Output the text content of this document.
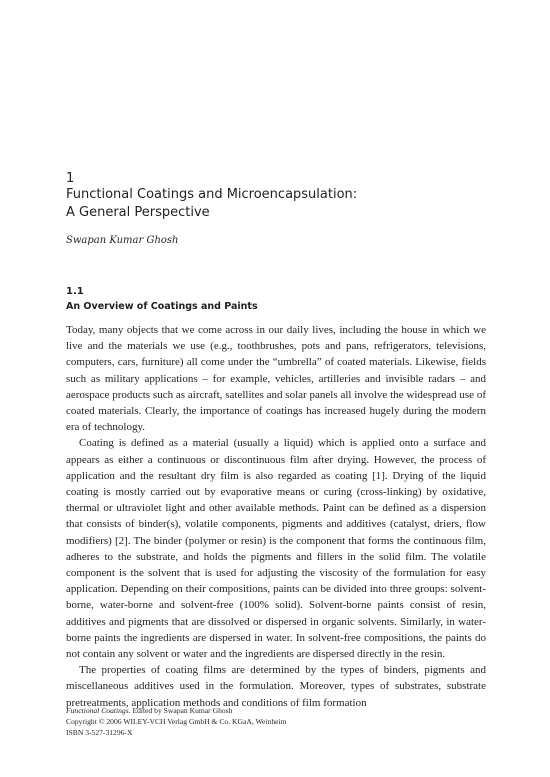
1
Functional Coatings and Microencapsulation:
A General Perspective

Swapan Kumar Ghosh

1.1
An Overview of Coatings and Paints

Today, many objects that we come across in our daily lives, including the house in which we live and the materials we use (e.g., toothbrushes, pots and pans, refrigerators, televisions, computers, cars, furniture) all come under the “umbrella” of coated materials. Likewise, fields such as military applications – for example, vehicles, artilleries and invisible radars – and aerospace products such as aircraft, satellites and solar panels all involve the widespread use of coated materials. Clearly, the importance of coatings has increased hugely during the modern era of technology.

Coating is defined as a material (usually a liquid) which is applied onto a surface and appears as either a continuous or discontinuous film after drying. However, the process of application and the resultant dry film is also regarded as coating [1]. Drying of the liquid coating is mostly carried out by evaporative means or curing (cross-linking) by oxidative, thermal or ultraviolet light and other available methods. Paint can be defined as a dispersion that consists of binder(s), volatile components, pigments and additives (catalyst, driers, flow modifiers) [2]. The binder (polymer or resin) is the component that forms the continuous film, adheres to the substrate, and holds the pigments and fillers in the solid film. The volatile component is the solvent that is used for adjusting the viscosity of the formulation for easy application. Depending on their compositions, paints can be divided into three groups: solvent-borne, water-borne and solvent-free (100% solid). Solvent-borne paints consist of resin, additives and pigments that are dissolved or dispersed in organic solvents. Similarly, in water-borne paints the ingredients are dispersed in water. In solvent-free compositions, the paints do not contain any solvent or water and the ingredients are dispersed directly in the resin.

The properties of coating films are determined by the types of binders, pigments and miscellaneous additives used in the formulation. Moreover, types of substrates, substrate pretreatments, application methods and conditions of film formation

Functional Coatings. Edited by Swapan Kumar Ghosh
Copyright © 2006 WILEY-VCH Verlag GmbH & Co. KGaA, Weinheim
ISBN 3-527-31296-X
